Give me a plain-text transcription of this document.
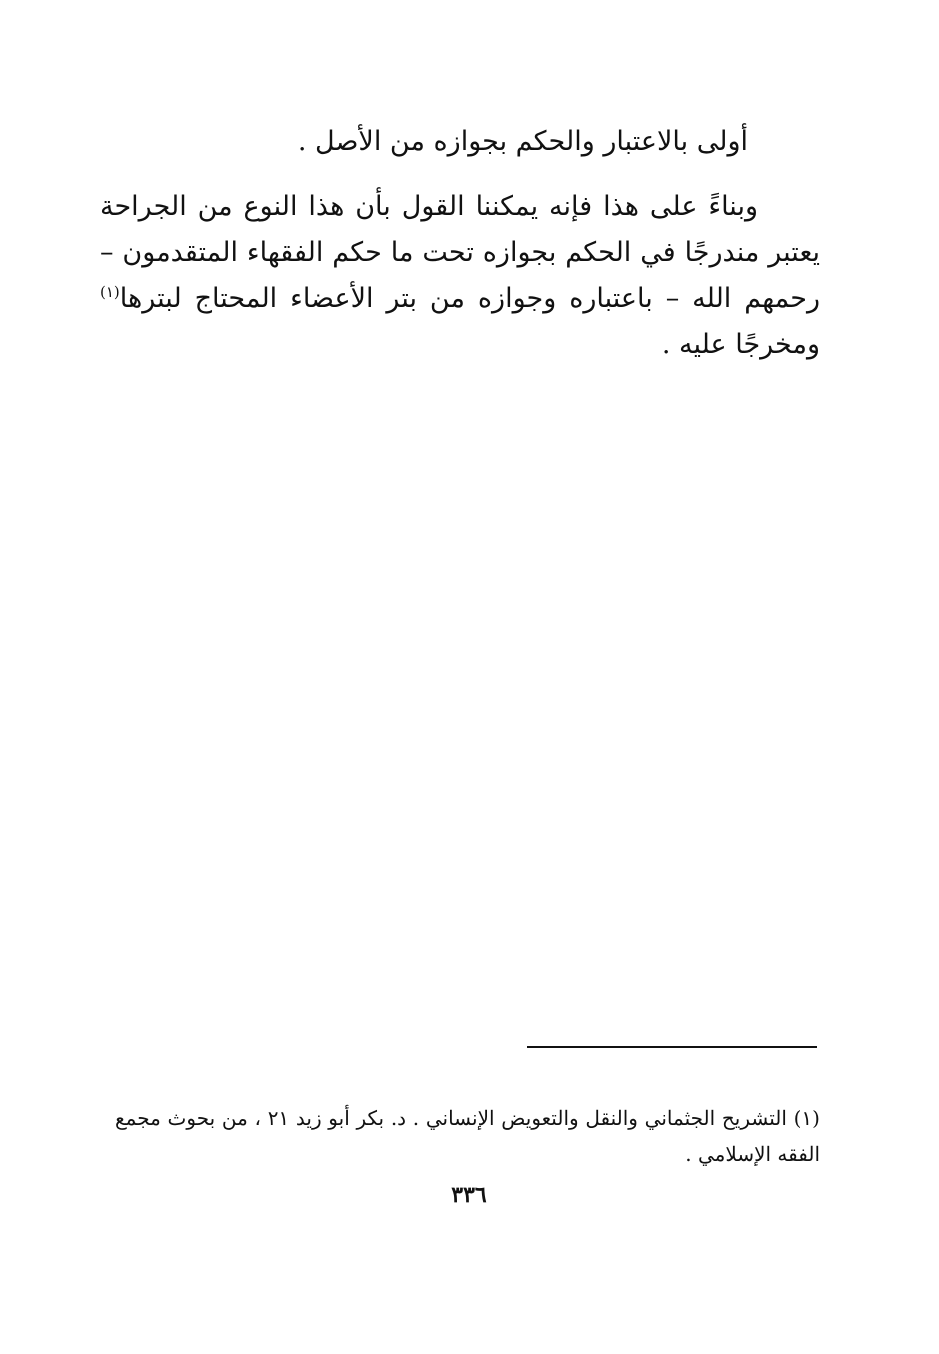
أولى بالاعتبار والحكم بجوازه من الأصل .

وبناءً على هذا فإنه يمكننا القول بأن هذا النوع من الجراحة يعتبر مندرجًا في الحكم بجوازه تحت ما حكم الفقهاء المتقدمون – رحمهم الله – باعتباره وجوازه من بتر الأعضاء المحتاج لبترها$^{(١)}$ ومخرجًا عليه .

(١) التشريح الجثماني والنقل والتعويض الإنساني . د. بكر أبو زيد ٢١ ، من بحوث مجمع الفقه الإسلامي .

٣٣٦
